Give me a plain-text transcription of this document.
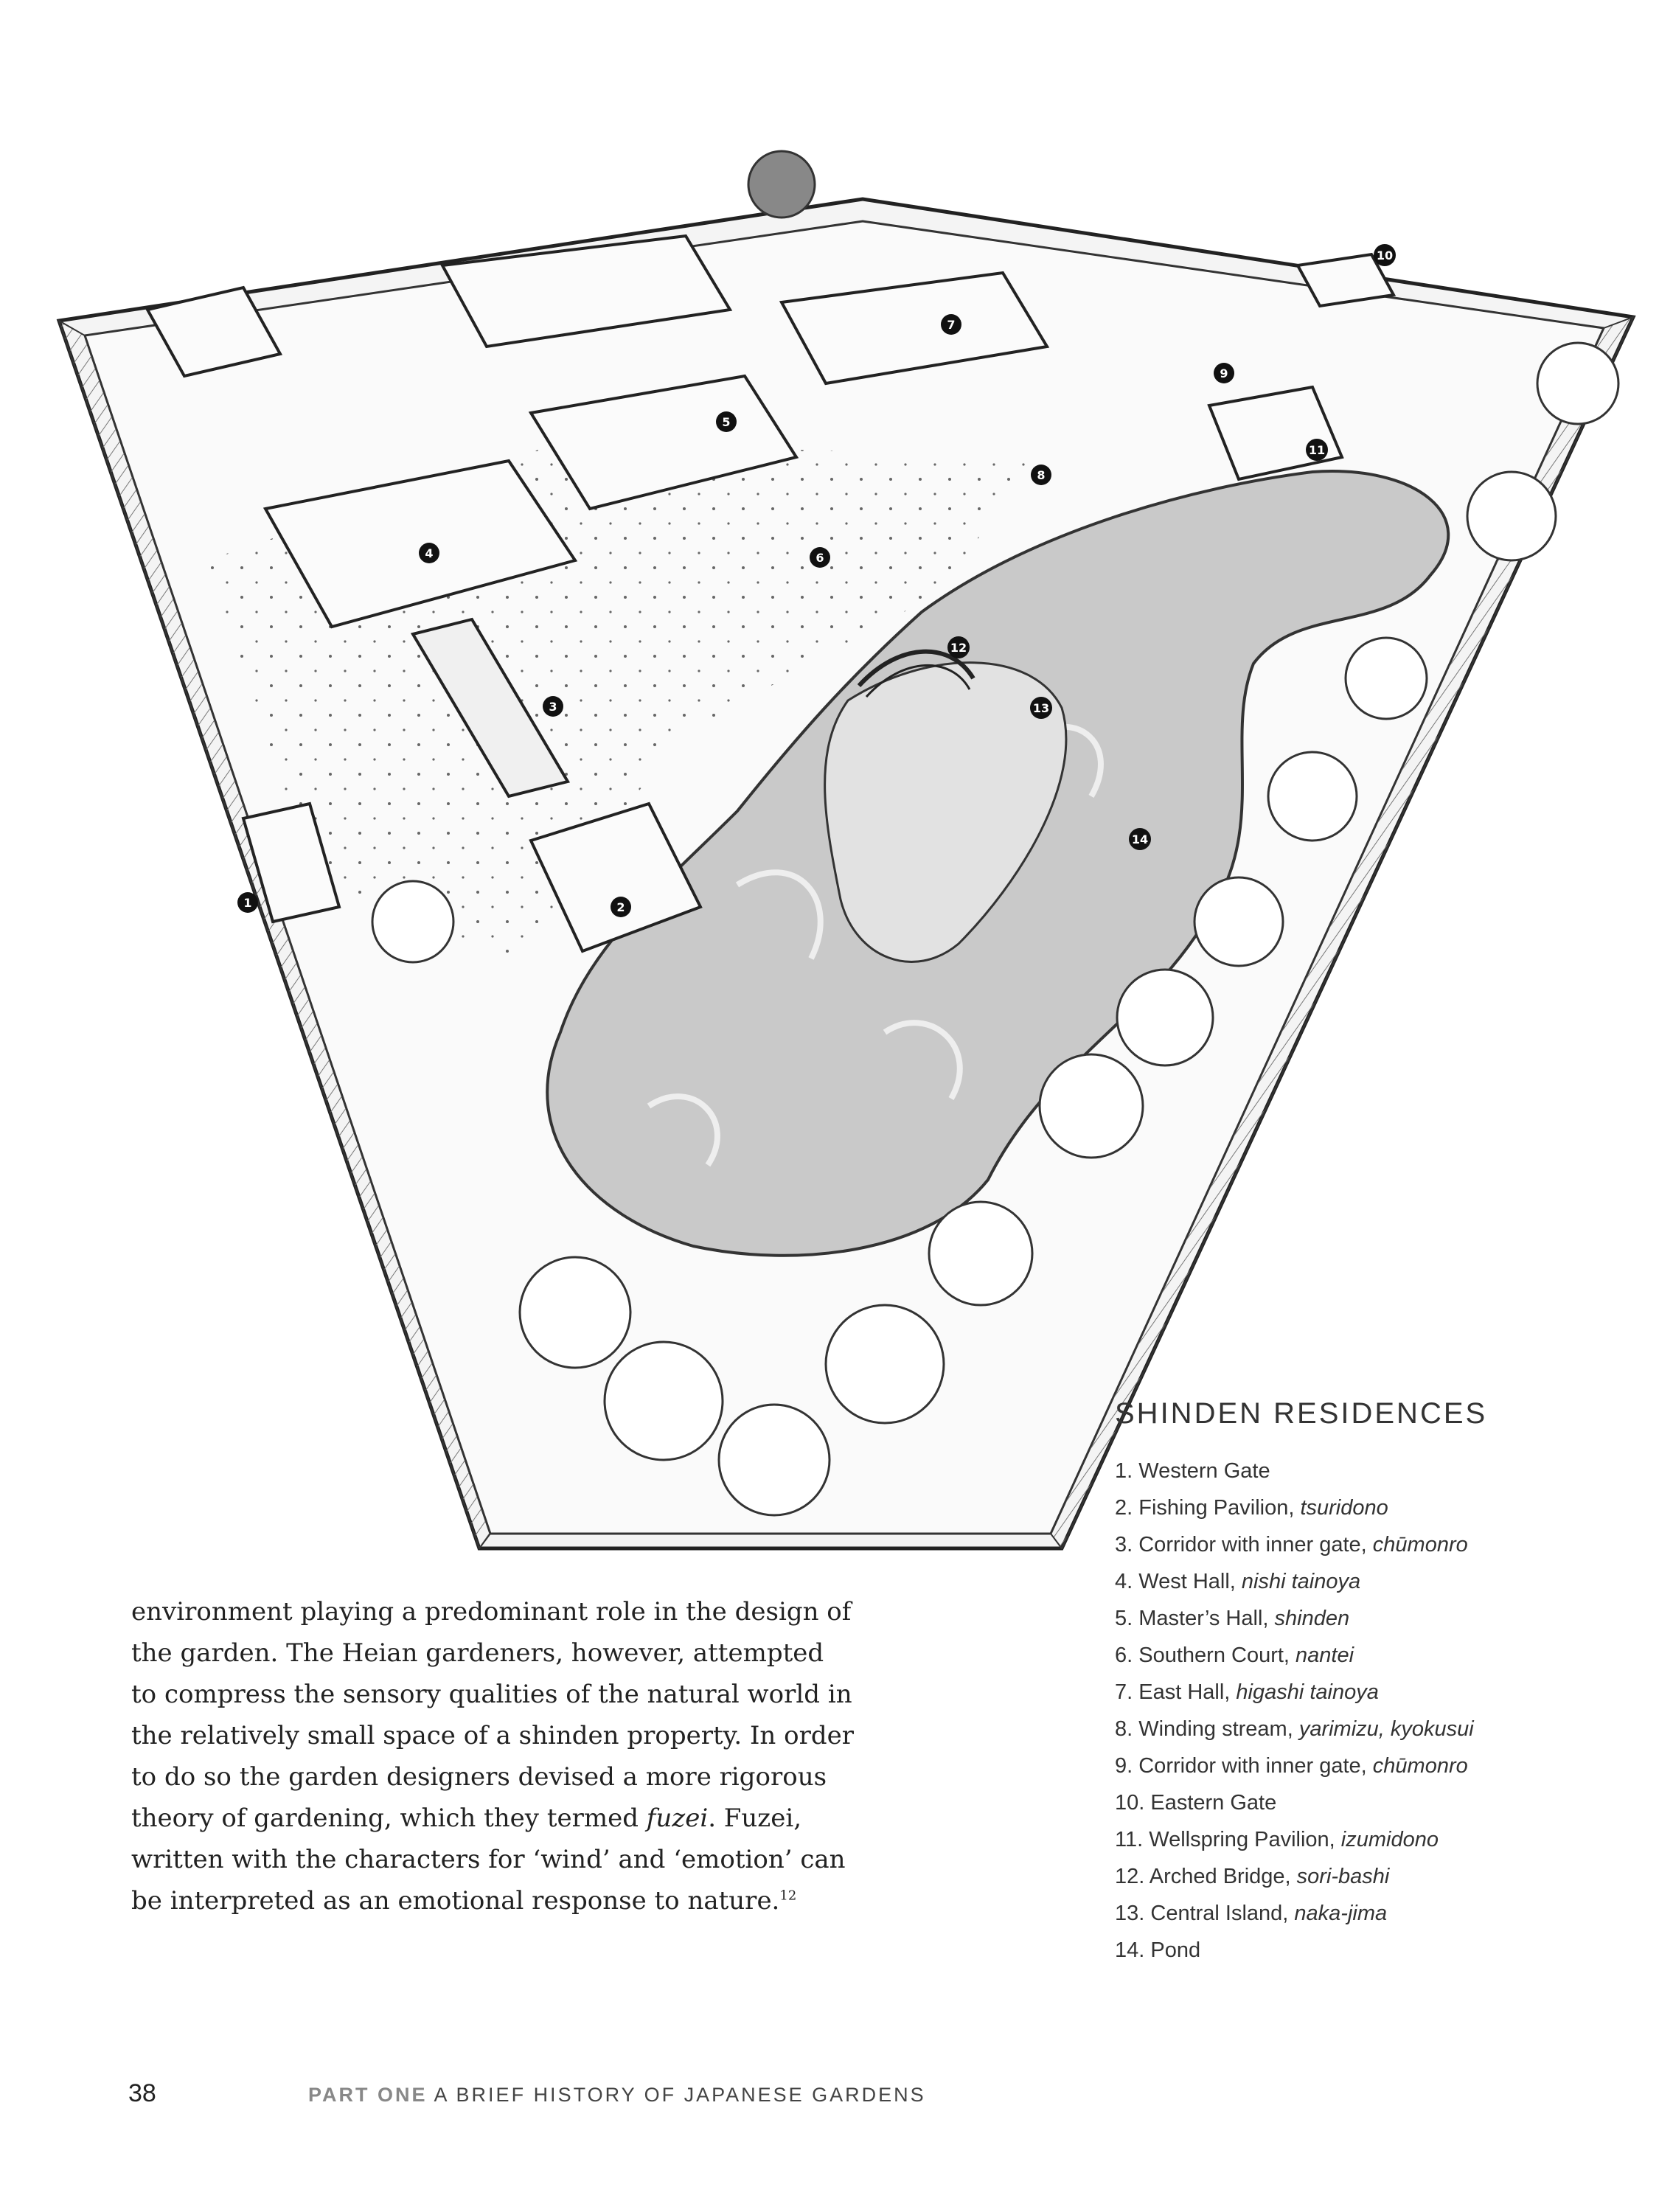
1	2
3
4
5
6
7
8
9
10
11
12
13
14
SHINDEN RESIDENCES
1. Western Gate
2. Fishing Pavilion, tsuridono
3. Corridor with inner gate, chūmonro
4. West Hall, nishi tainoya
5. Master’s Hall, shinden
6. Southern Court, nantei
7. East Hall, higashi tainoya
8. Winding stream, yarimizu, kyokusui
9. Corridor with inner gate, chūmonro
10. Eastern Gate
11. Wellspring Pavilion, izumidono
12. Arched Bridge, sori-bashi
13. Central Island, naka-jima
14. Pond

environment playing a predominant role in the design of the garden. The Heian gardeners, however, attempted to compress the sensory qualities of the natural world in the relatively small space of a shinden property. In order to do so the garden designers devised a more rigorous theory of gardening, which they termed fuzei. Fuzei, written with the characters for ‘wind’ and ‘emotion’ can be interpreted as an emotional response to nature.$^{12}$

38	PART ONE A BRIEF HISTORY OF JAPANESE GARDENS
